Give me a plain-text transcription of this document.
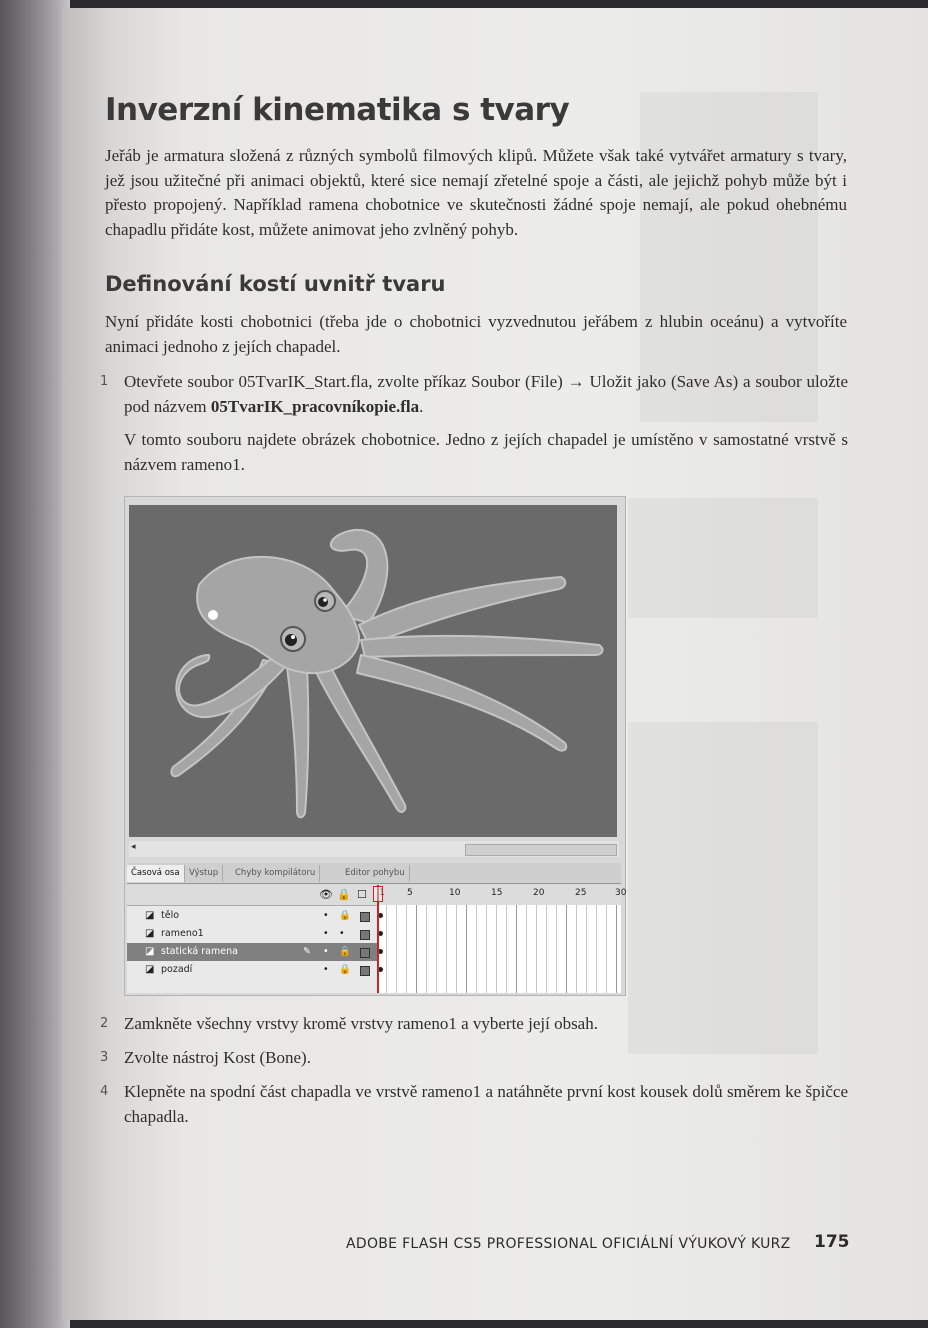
Inverzní kinematika s tvary

Jeřáb je armatura složená z různých symbolů filmových klipů. Můžete však také vytvářet armatury s tvary, jež jsou užitečné při animaci objektů, které sice nemají zřetelné spoje a části, ale jejichž pohyb může být i přesto propojený. Například ramena chobotnice ve skutečnosti žádné spoje nemají, ale pokud ohebnému chapadlu přidáte kost, můžete animovat jeho zvlněný pohyb.

Definování kostí uvnitř tvaru

Nyní přidáte kosti chobotnici (třeba jde o chobotnici vyzvednutou jeřábem z hlubin oceánu) a vytvoříte animaci jednoho z jejích chapadel.

1 Otevřete soubor 05TvarIK_Start.fla, zvolte příkaz Soubor (File) → Uložit jako (Save As) a soubor uložte pod názvem 05TvarIK_pracovníkopie.fla.
V tomto souboru najdete obrázek chobotnice. Jedno z jejích chapadel je umístěno v samostatné vrstvě s názvem rameno1.
◂
Časová osa	Výstup	Chyby kompilátoru	Editor pohybu
👁 🔒 ☐ 1 5	10	15	20	25	30
◪ tělo	• 🔒
◪ rameno1	• •
◪ statická ramena	✎ • 🔒
◪ pozadí	• 🔒
2 Zamkněte všechny vrstvy kromě vrstvy rameno1 a vyberte její obsah.
3 Zvolte nástroj Kost (Bone).
4 Klepněte na spodní část chapadla ve vrstvě rameno1 a natáhněte první kost kousek dolů směrem ke špičce chapadla.
ADOBE FLASH CS5 PROFESSIONAL OFICIÁLNÍ VÝUKOVÝ KURZ 175
